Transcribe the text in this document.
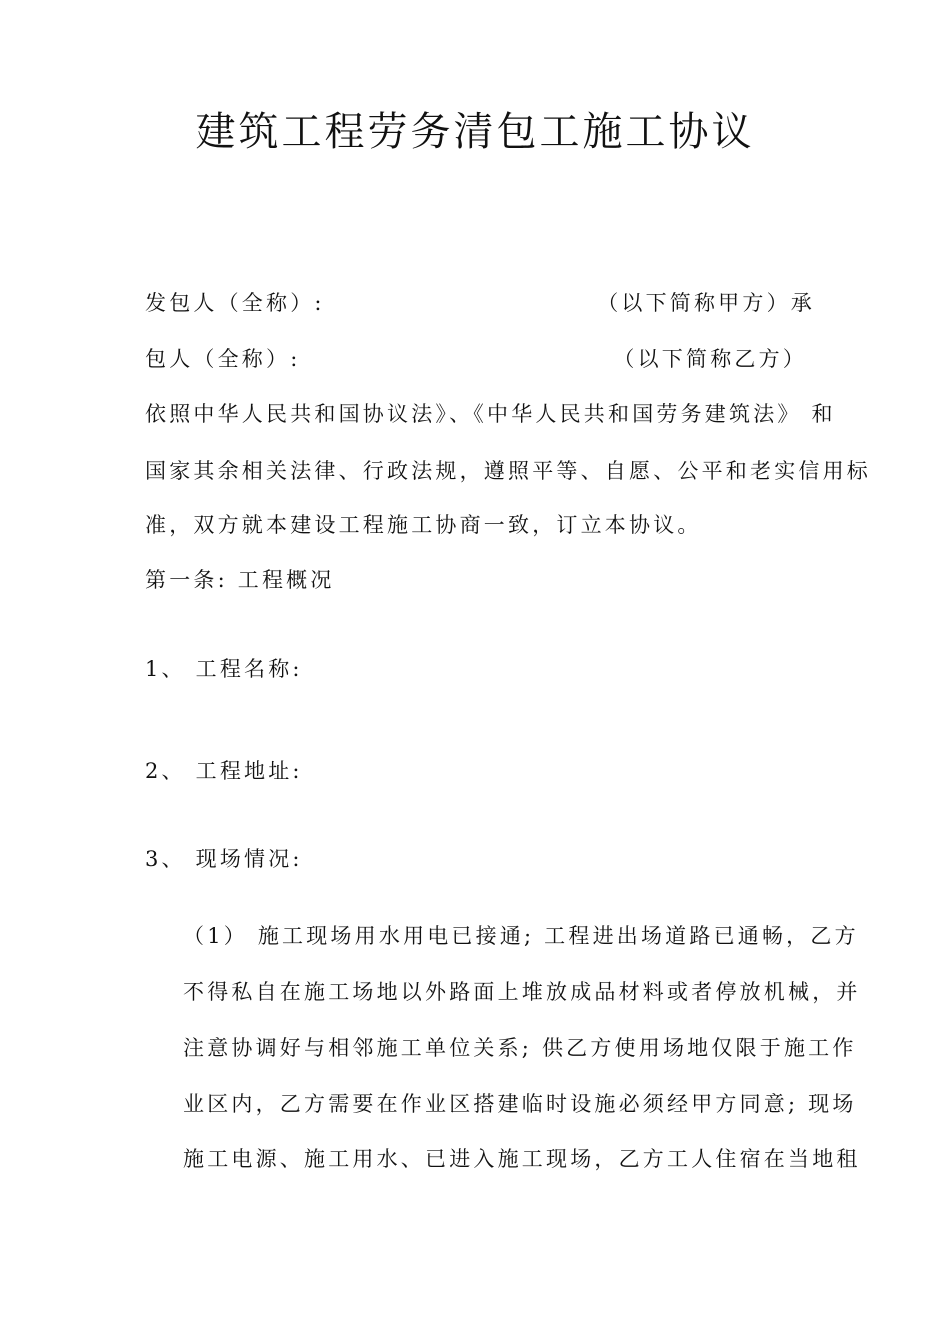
建筑工程劳务清包工施工协议
发包人（全称）:	（以下简称甲方）承
包人（全称）:	（以下简称乙方）
依照中华人民共和国协议法》、《中华人民共和国劳务建筑法》 和
国家其余相关法律、行政法规，遵照平等、自愿、公平和老实信用标
准，双方就本建设工程施工协商一致，订立本协议。
第一条: 工程概况
1、 工程名称:
2、 工程地址:
3、 现场情况:
（1） 施工现场用水用电已接通; 工程进出场道路已通畅，乙方
不得私自在施工场地以外路面上堆放成品材料或者停放机械，并
注意协调好与相邻施工单位关系; 供乙方使用场地仅限于施工作
业区内，乙方需要在作业区搭建临时设施必须经甲方同意; 现场
施工电源、施工用水、已进入施工现场，乙方工人住宿在当地租
